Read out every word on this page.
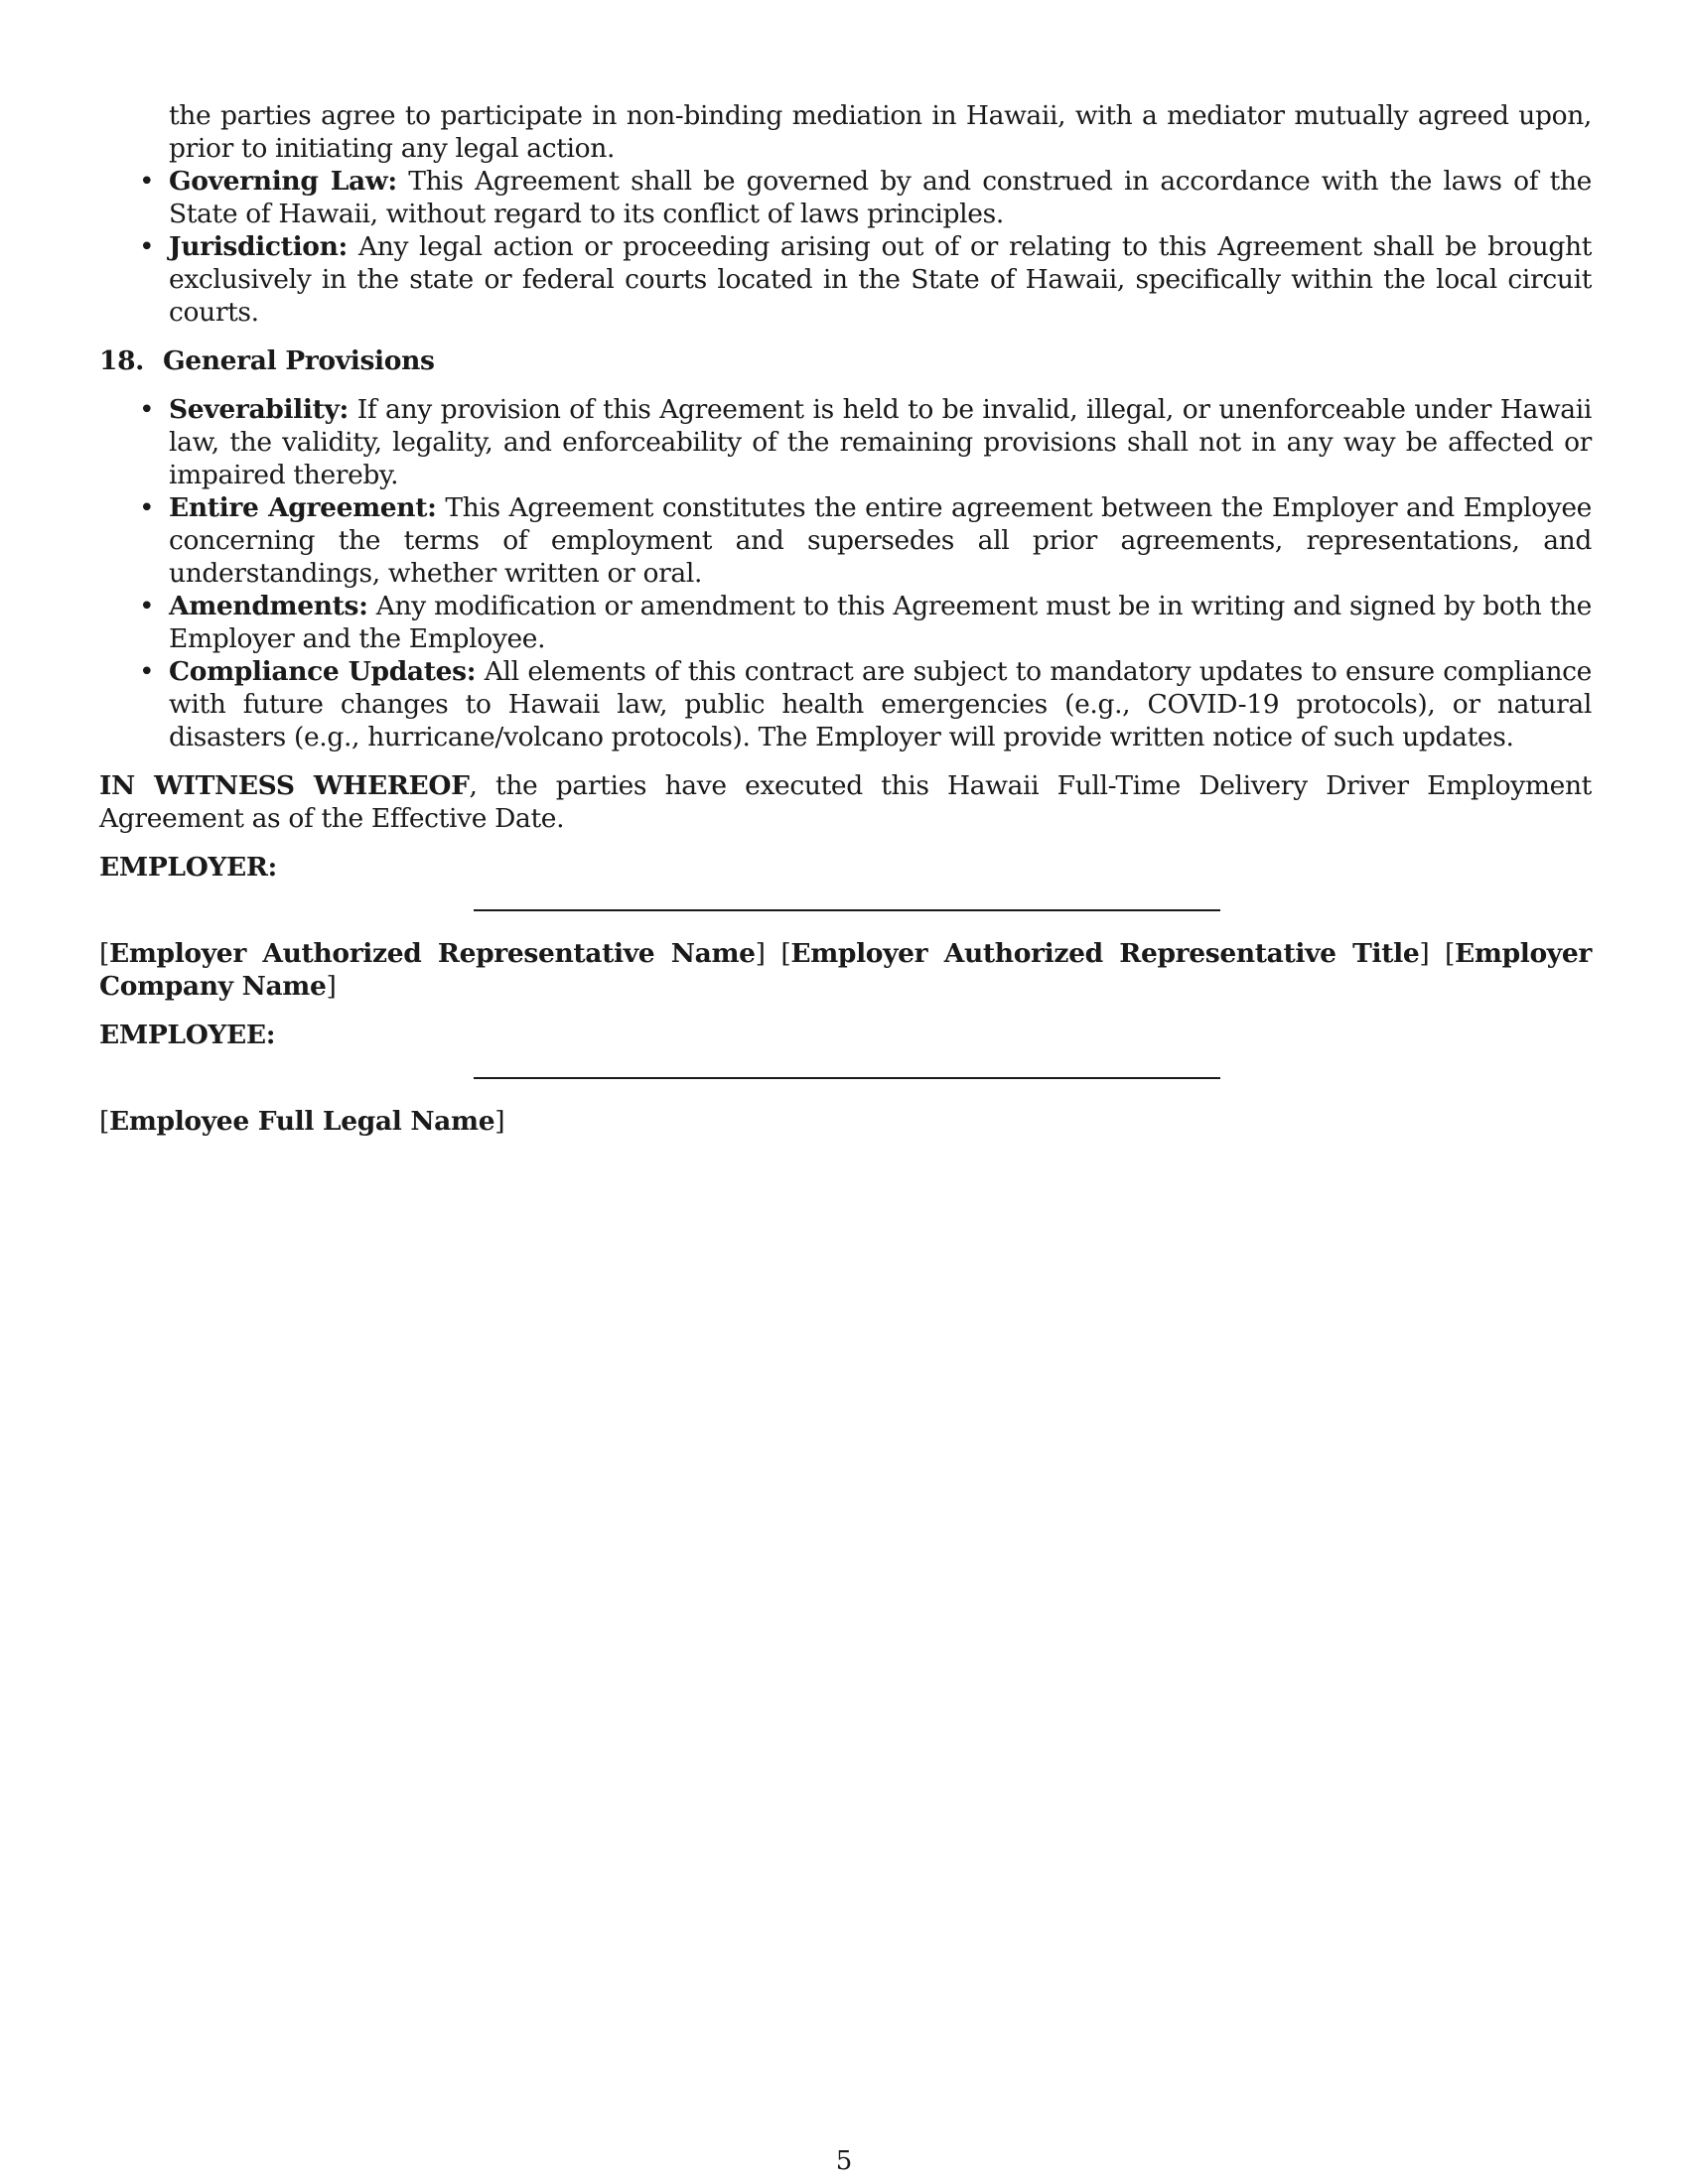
the parties agree to participate in non-binding mediation in Hawaii, with a mediator mutually agreed upon, prior to initiating any legal action.

• Governing Law: This Agreement shall be governed by and construed in accordance with the laws of the State of Hawaii, without regard to its conflict of laws principles.
• Jurisdiction: Any legal action or proceeding arising out of or relating to this Agreement shall be brought exclusively in the state or federal courts located in the State of Hawaii, specifically within the local circuit courts.
18. General Provisions
• Severability: If any provision of this Agreement is held to be invalid, illegal, or unenforceable under Hawaii law, the validity, legality, and enforceability of the remaining provisions shall not in any way be affected or impaired thereby.
• Entire Agreement: This Agreement constitutes the entire agreement between the Employer and Employee concerning the terms of employment and supersedes all prior agreements, representations, and understandings, whether written or oral.
• Amendments: Any modification or amendment to this Agreement must be in writing and signed by both the Employer and the Employee.
• Compliance Updates: All elements of this contract are subject to mandatory updates to ensure compliance with future changes to Hawaii law, public health emergencies (e.g., COVID-19 protocols), or natural disasters (e.g., hurricane/volcano protocols). The Employer will provide written notice of such updates.

IN WITNESS WHEREOF, the parties have executed this Hawaii Full-Time Delivery Driver Employment Agreement as of the Effective Date.

EMPLOYER:
[Employer Authorized Representative Name] [Employer Authorized Representative Title] [Employer Company Name]
EMPLOYEE:
[Employee Full Legal Name]
5
